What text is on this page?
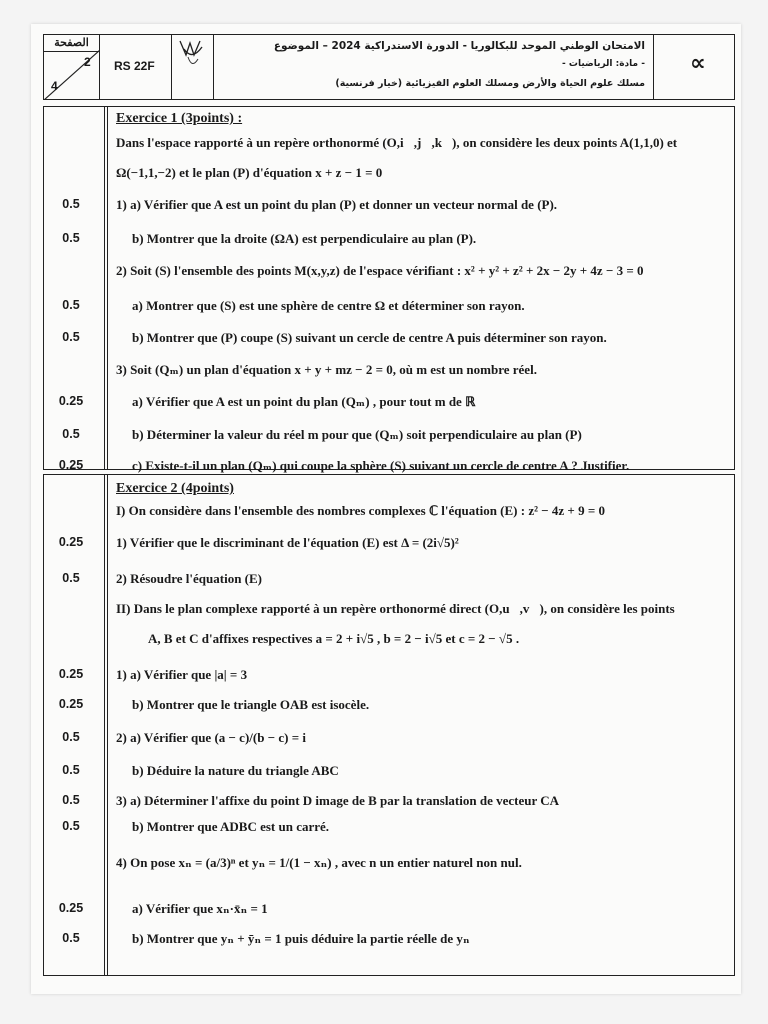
الصفحة
2
4
RS 22F
الامتحان الوطني الموحد للبكالوريا - الدورة الاستدراكية 2024 – الموضوع
- مادة: الرياضيات -
مسلك علوم الحياة والأرض ومسلك العلوم الفيزيائية (خيار فرنسية)
∝
Exercice 1 (3points) :
Dans l'espace rapporté à un repère orthonormé (O,i⃗,j⃗,k⃗), on considère les deux points A(1,1,0) et
Ω(−1,1,−2) et le plan (P) d'équation x + z − 1 = 0
0.5	1) a) Vérifier que A est un point du plan (P) et donner un vecteur normal de (P).
0.5	b) Montrer que la droite (ΩA) est perpendiculaire au plan (P).
2) Soit (S) l'ensemble des points M(x,y,z) de l'espace vérifiant : x² + y² + z² + 2x − 2y + 4z − 3 = 0
0.5	a) Montrer que (S) est une sphère de centre Ω et déterminer son rayon.
0.5	b) Montrer que (P) coupe (S) suivant un cercle de centre A puis déterminer son rayon.
3) Soit (Qₘ) un plan d'équation x + y + mz − 2 = 0, où m est un nombre réel.
0.25	a) Vérifier que A est un point du plan (Qₘ) , pour tout m de ℝ
0.5	b) Déterminer la valeur du réel m pour que (Qₘ) soit perpendiculaire au plan (P)
0.25	c) Existe-t-il un plan (Qₘ) qui coupe la sphère (S) suivant un cercle de centre A ? Justifier.
Exercice 2 (4points)
I) On considère dans l'ensemble des nombres complexes ℂ l'équation (E) : z² − 4z + 9 = 0
0.25	1) Vérifier que le discriminant de l'équation (E) est Δ = (2i√5)²
0.5	2) Résoudre l'équation (E)
II) Dans le plan complexe rapporté à un repère orthonormé direct (O,u⃗,v⃗), on considère les points
A, B et C d'affixes respectives a = 2 + i√5 , b = 2 − i√5 et c = 2 − √5 .
0.25	1) a) Vérifier que |a| = 3
0.25	b) Montrer que le triangle OAB est isocèle.
0.5	2) a) Vérifier que (a − c)/(b − c) = i
0.5	b) Déduire la nature du triangle ABC
0.5	3) a) Déterminer l'affixe du point D image de B par la translation de vecteur CA⃗
0.5	b) Montrer que ADBC est un carré.
4) On pose xₙ = (a/3)ⁿ et yₙ = 1/(1 − xₙ) , avec n un entier naturel non nul.
0.25	a) Vérifier que xₙ·x̄ₙ = 1
0.5	b) Montrer que yₙ + ȳₙ = 1 puis déduire la partie réelle de yₙ
